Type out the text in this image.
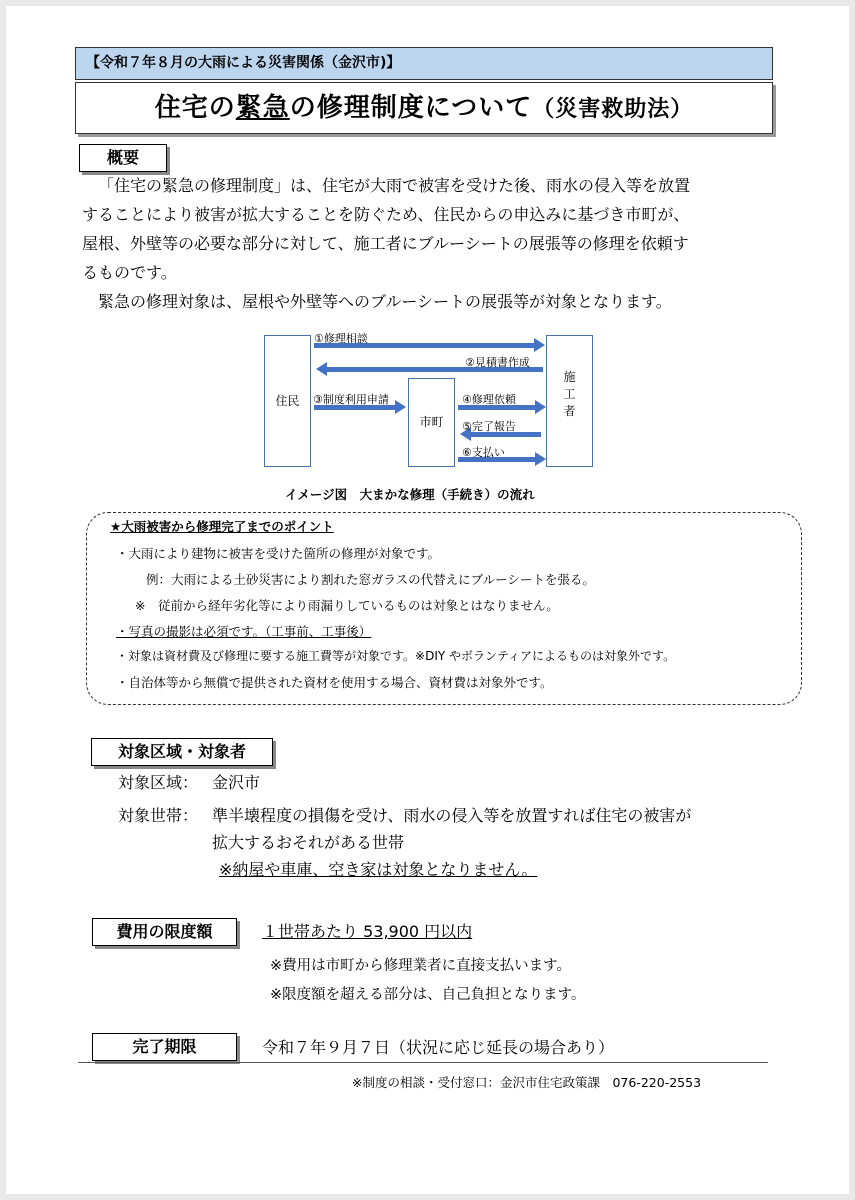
【令和７年８月の大雨による災害関係（金沢市)】
住宅の緊急の修理制度について（災害救助法）
概要
「住宅の緊急の修理制度」は、住宅が大雨で被害を受けた後、雨水の侵入等を放置
することにより被害が拡大することを防ぐため、住民からの申込みに基づき市町が、
屋根、外壁等の必要な部分に対して、施工者にブルーシートの展張等の修理を依頼す
るものです。
緊急の修理対象は、屋根や外壁等へのブルーシートの展張等が対象となります。
住民
市町
施工者
①修理相談
②見積書作成
③制度利用申請	④修理依頼
⑤完了報告
⑥支払い
イメージ図　大まかな修理（手続き）の流れ
★大雨被害から修理完了までのポイント
・大雨により建物に被害を受けた箇所の修理が対象です。
例：大雨による土砂災害により割れた窓ガラスの代替えにブルーシートを張る。
※　従前から経年劣化等により雨漏りしているものは対象とはなりません。
・写真の撮影は必須です。（工事前、工事後）
・対象は資材費及び修理に要する施工費等が対象です。※DIY やボランティアによるものは対象外です。
・自治体等から無償で提供された資材を使用する場合、資材費は対象外です。
対象区域・対象者
対象区域： 金沢市
対象世帯： 準半壊程度の損傷を受け、雨水の侵入等を放置すれば住宅の被害が
拡大するおそれがある世帯
※納屋や車庫、空き家は対象となりません。
費用の限度額	１世帯あたり 53,900 円以内
※費用は市町から修理業者に直接支払います。
※限度額を超える部分は、自己負担となります。
完了期限	令和７年９月７日（状況に応じ延長の場合あり）
※制度の相談・受付窓口：金沢市住宅政策課　076-220-2553
